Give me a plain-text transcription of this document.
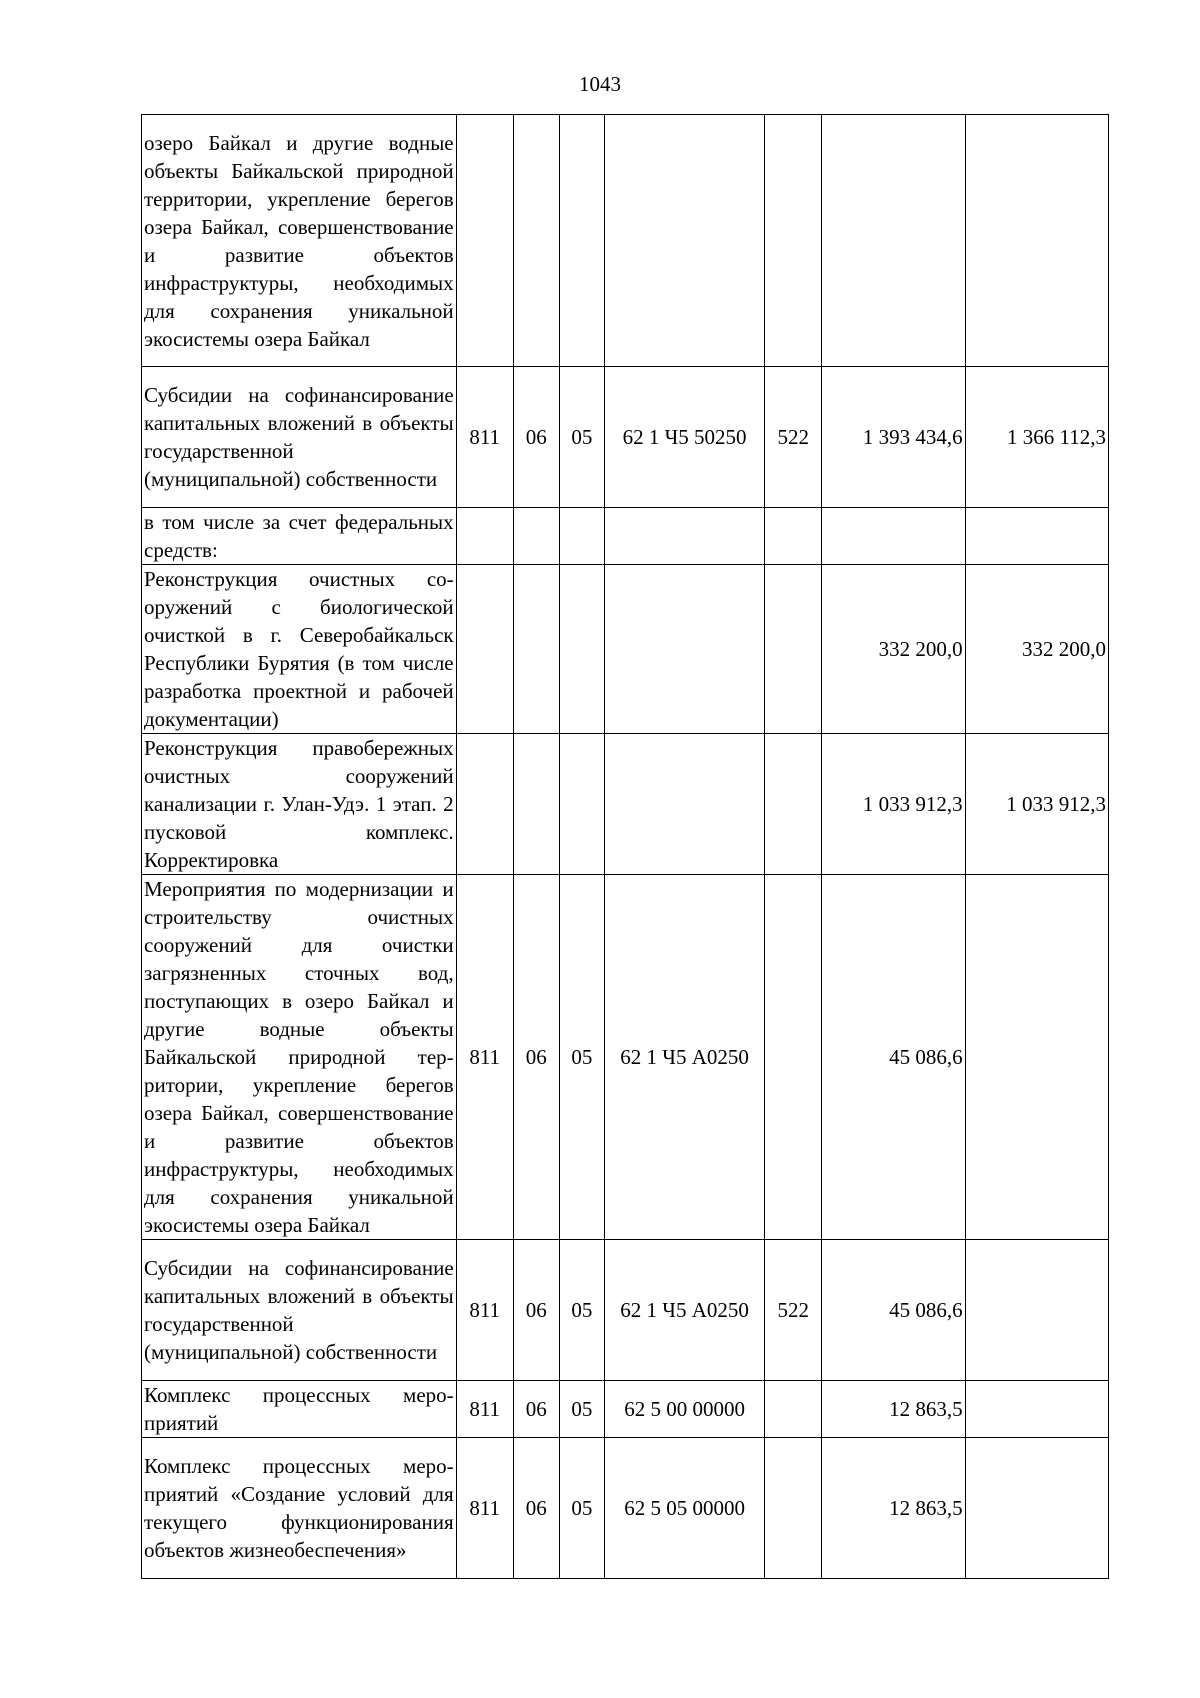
1043
озеро Байкал и другие водные объекты Байкальской природной территории, укрепление берегов озера Байкал, совершенствование и развитие объектов инфраструктуры, необходимых для сохранения уникальной экосистемы озера Байкал							
Субсидии на софинансирование капитальных вложений в объекты государственной (муниципальной) собственности	811	06	05	62 1 Ч5 50250	522	1 393 434,6	1 366 112,3
в том числе за счет федеральных средств:							
Реконструкция очистных сооружений с биологической очисткой в г. Северобайкальск Республики Бурятия (в том числе разработка проектной и рабочей документации)						332 200,0	332 200,0
Реконструкция правобережных очистных сооружений канализации г. Улан-Удэ. 1 этап. 2 пусковой комплекс. Корректировка						1 033 912,3	1 033 912,3
Мероприятия по модернизации и строительству очистных сооружений для очистки загрязненных сточных вод, поступающих в озеро Байкал и другие водные объекты Байкальской природной территории, укрепление берегов озера Байкал, совершенствование и развитие объектов инфраструктуры, необходимых для сохранения уникальной экосистемы озера Байкал	811	06	05	62 1 Ч5 А0250		45 086,6	
Субсидии на софинансирование капитальных вложений в объекты государственной (муниципальной) собственности	811	06	05	62 1 Ч5 А0250	522	45 086,6	
Комплекс процессных мероприятий	811	06	05	62 5 00 00000		12 863,5	
Комплекс процессных мероприятий «Создание условий для текущего функционирования объектов жизнеобеспечения»	811	06	05	62 5 05 00000		12 863,5	
